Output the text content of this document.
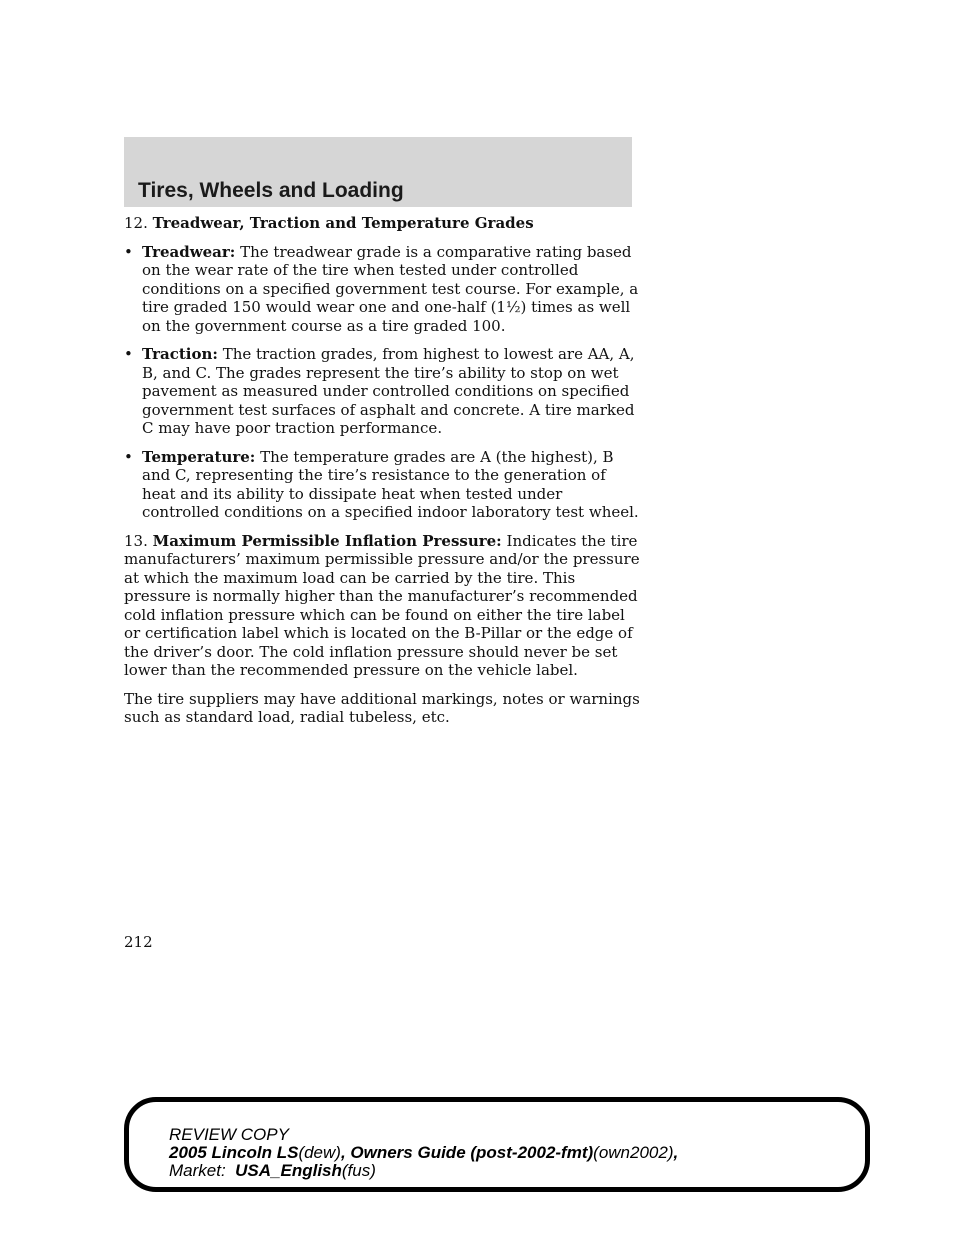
Tires, Wheels and Loading

12. Treadwear, Traction and Temperature Grades

• Treadwear: The treadwear grade is a comparative rating based on the wear rate of the tire when tested under controlled conditions on a specified government test course. For example, a tire graded 150 would wear one and one-half (1½) times as well on the government course as a tire graded 100.
• Traction: The traction grades, from highest to lowest are AA, A, B, and C. The grades represent the tire’s ability to stop on wet pavement as measured under controlled conditions on specified government test surfaces of asphalt and concrete. A tire marked C may have poor traction performance.
• Temperature: The temperature grades are A (the highest), B and C, representing the tire’s resistance to the generation of heat and its ability to dissipate heat when tested under controlled conditions on a specified indoor laboratory test wheel.

13. Maximum Permissible Inflation Pressure: Indicates the tire manufacturers’ maximum permissible pressure and/or the pressure at which the maximum load can be carried by the tire. This pressure is normally higher than the manufacturer’s recommended cold inflation pressure which can be found on either the tire label or certification label which is located on the B-Pillar or the edge of the driver’s door. The cold inflation pressure should never be set lower than the recommended pressure on the vehicle label.

The tire suppliers may have additional markings, notes or warnings such as standard load, radial tubeless, etc.

212
REVIEW COPY
2005 Lincoln LS(dew), Owners Guide (post-2002-fmt)(own2002),
Market: USA_English(fus)
